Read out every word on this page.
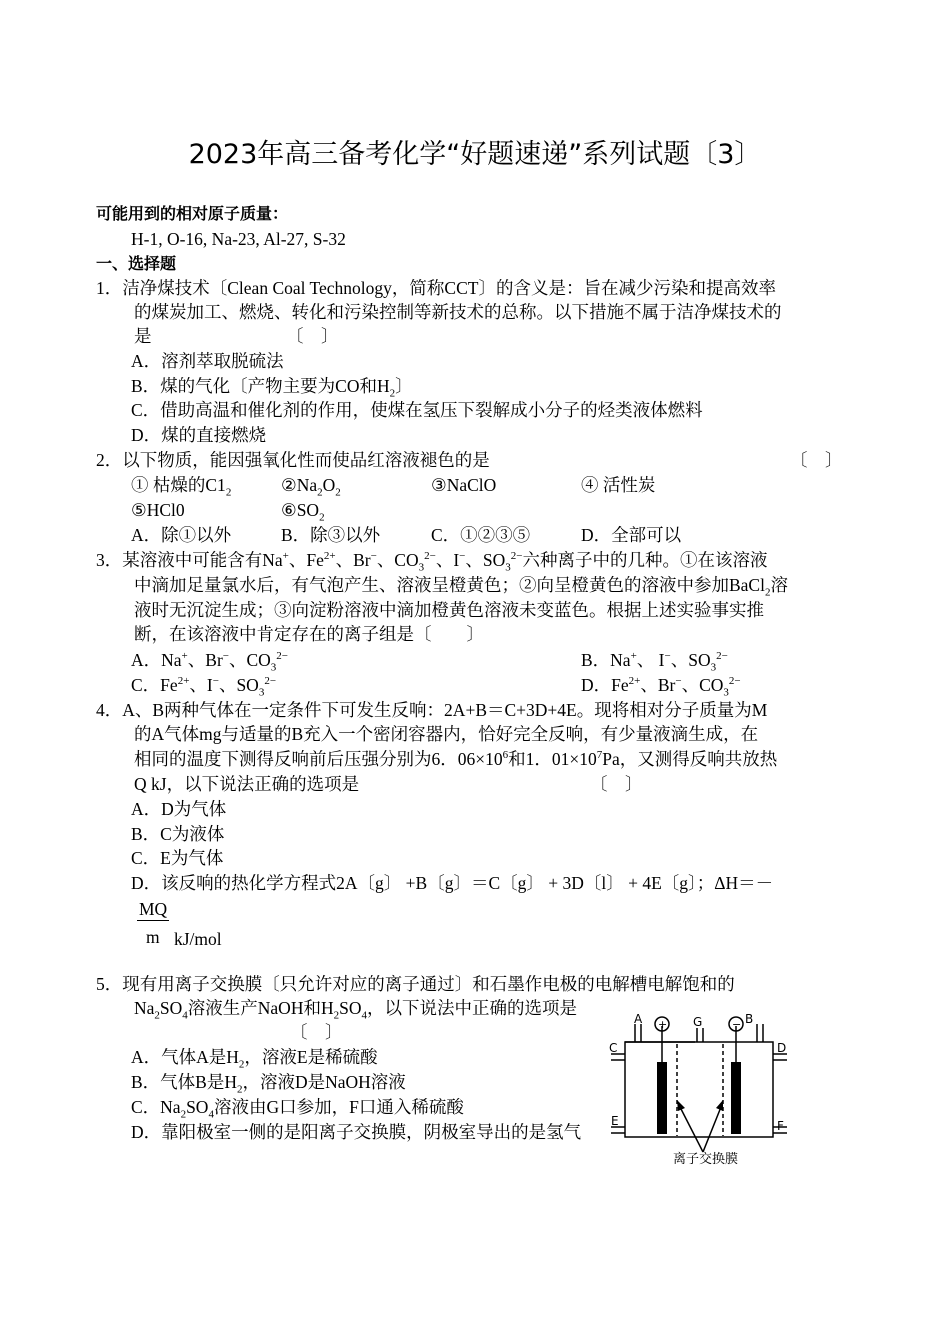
2023年高三备考化学“好题速递”系列试题〔3〕
可能用到的相对原子质量：
H-1, O-16, Na-23, Al-27, S-32
一、选择题
1．洁净煤技术〔Clean Coal Technology，简称CCT〕的含义是：旨在减少污染和提高效率
的煤炭加工、燃烧、转化和污染控制等新技术的总称。以下措施不属于洁净煤技术的
是	〔　〕
A．溶剂萃取脱硫法
B．煤的气化〔产物主要为CO和$H_2$〕
C．借助高温和催化剂的作用，使煤在氢压下裂解成小分子的烃类液体燃料
D．煤的直接燃烧
2．以下物质，能因强氧化性而使品红溶液褪色的是	〔　〕
① 枯燥的$C1_2$	$②Na_2O_2$	③NaClO	④ 活性炭
⑤HCl0	$⑥SO_2$
A．除①以外	B．除③以外	C．①②③⑤	D．全部可以
3．某溶液中可能含有Na+、$Fe^{2+}$、Br−、$CO_3^{2-}$、I−、$SO_3^{2-}$六种离子中的几种。①在该溶液
中滴加足量氯水后，有气泡产生、溶液呈橙黄色；②向呈橙黄色的溶液中参加BaCl$_2$溶
液时无沉淀生成；③向淀粉溶液中滴加橙黄色溶液未变蓝色。根据上述实验事实推
断，在该溶液中肯定存在的离子组是〔　　〕
A．Na+、Br−、$CO_3^{2-}$	B．Na+、 I−、$SO_3^{2-}$
C．$Fe^{2+}$、I−、$SO_3^{2-}$	D．$Fe^{2+}$、Br−、$CO_3^{2-}$
4．A、B两种气体在一定条件下可发生反响：2A+B＝C+3D+4E。现将相对分子质量为M
的A气体mg与适量的B充入一个密闭容器内，恰好完全反响，有少量液滴生成，在
相同的温度下测得反响前后压强分别为6．$06\times 10^6$和1．$01\times 10^7Pa$，又测得反响共放热
Q kJ，以下说法正确的选项是	〔　〕
A．D为气体
B．C为液体
C．E为气体
D．该反响的热化学方程式2A〔g〕 +B〔g〕＝C〔g〕 + 3D〔l〕 + 4E〔g〕；ΔH＝－
MQ
m kJ/mol
5．现有用离子交换膜〔只允许对应的离子通过〕和石墨作电极的电解槽电解饱和的
$Na_2SO_4$溶液生产NaOH和$H_2SO_4$，以下说法中正确的选项是
〔　〕
A．气体A是$H_2$，溶液E是稀硫酸
B．气体B是$H_2$，溶液D是NaOH溶液
C．$Na_2SO_4$溶液由G口参加，F口通入稀硫酸
D．靠阳极室一侧的是阳离子交换膜，阴极室导出的是氢气
A	B
C	D
E	F
G
+	−
离子交换膜
